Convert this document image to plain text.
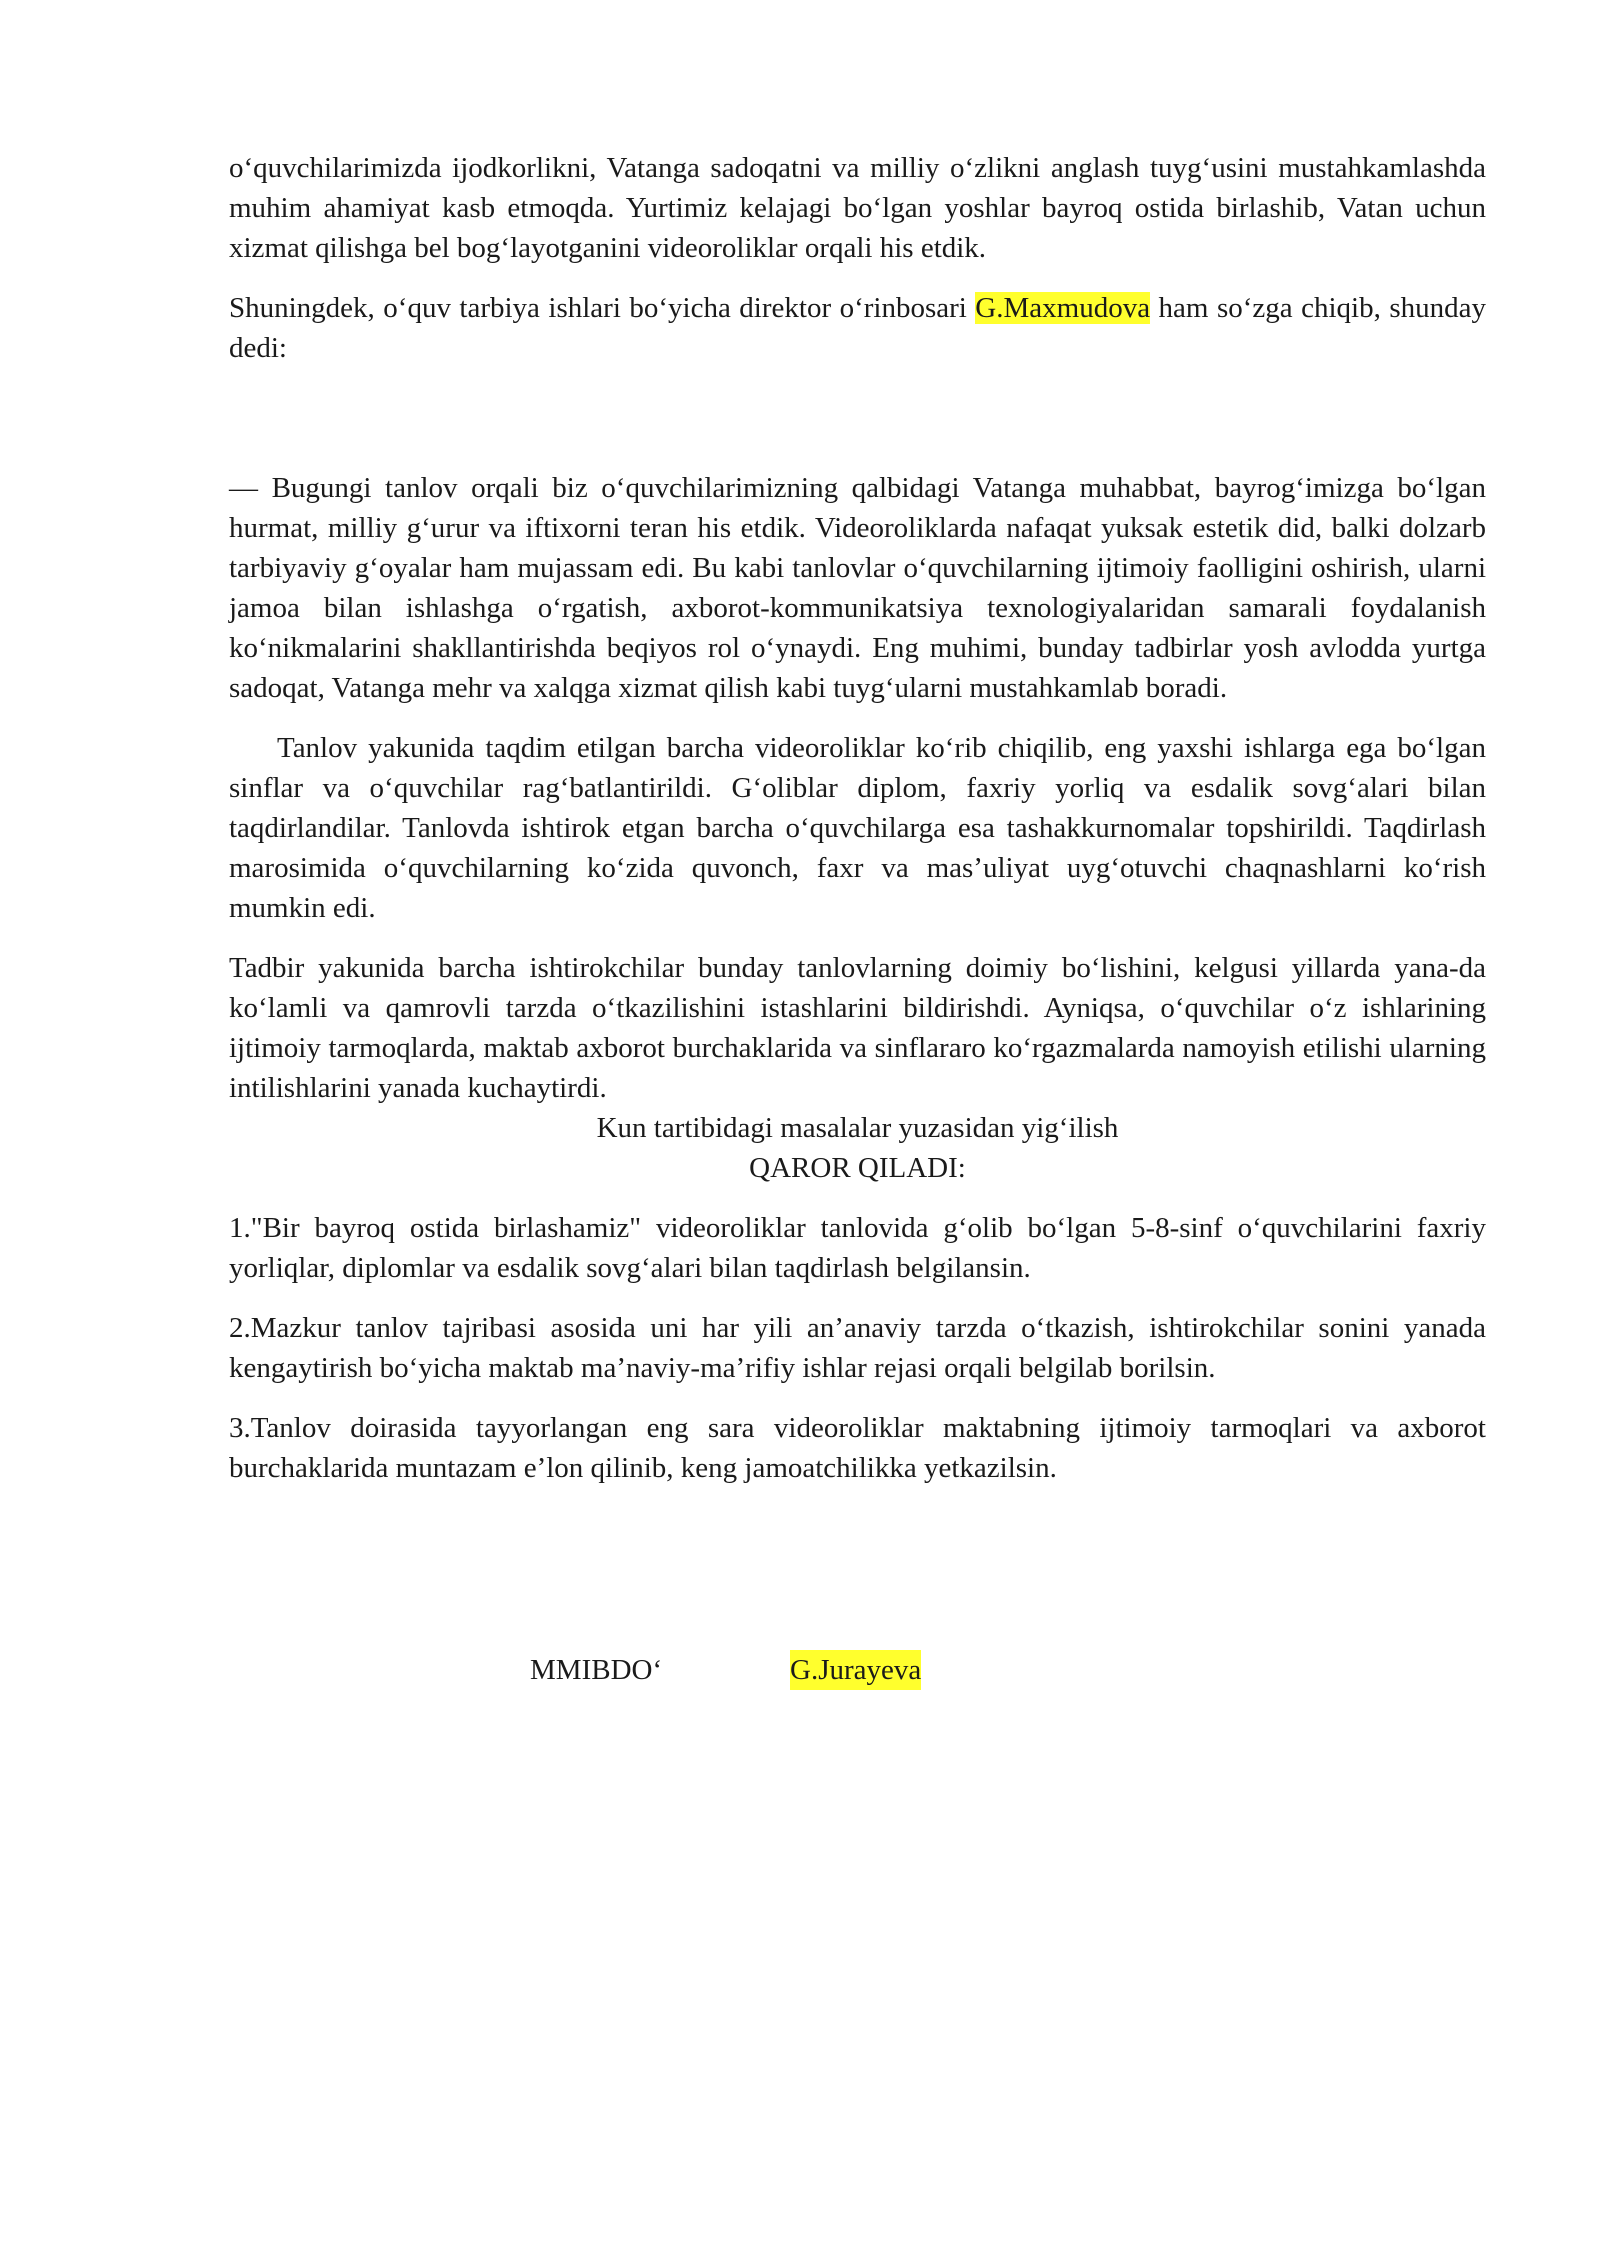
o‘quvchilarimizda ijodkorlikni, Vatanga sadoqatni va milliy o‘zlikni anglash tuyg‘usini mustahkamlashda muhim ahamiyat kasb etmoqda. Yurtimiz kelajagi bo‘lgan yoshlar bayroq ostida birlashib, Vatan uchun xizmat qilishga bel bog‘layotganini videoroliklar orqali his etdik.

Shuningdek, o‘quv tarbiya ishlari bo‘yicha direktor o‘rinbosari G.Maxmudova ham so‘zga chiqib, shunday dedi:

— Bugungi tanlov orqali biz o‘quvchilarimizning qalbidagi Vatanga muhabbat, bayrog‘imizga bo‘lgan hurmat, milliy g‘urur va iftixorni teran his etdik. Videoroliklarda nafaqat yuksak estetik did, balki dolzarb tarbiyaviy g‘oyalar ham mujassam edi. Bu kabi tanlovlar o‘quvchilarning ijtimoiy faolligini oshirish, ularni jamoa bilan ishlashga o‘rgatish, axborot-kommunikatsiya texnologiyalaridan samarali foydalanish ko‘nikmalarini shakllantirishda beqiyos rol o‘ynaydi. Eng muhimi, bunday tadbirlar yosh avlodda yurtga sadoqat, Vatanga mehr va xalqga xizmat qilish kabi tuyg‘ularni mustahkamlab boradi.

Tanlov yakunida taqdim etilgan barcha videoroliklar ko‘rib chiqilib, eng yaxshi ishlarga ega bo‘lgan sinflar va o‘quvchilar rag‘batlantirildi. G‘oliblar diplom, faxriy yorliq va esdalik sovg‘alari bilan taqdirlandilar. Tanlovda ishtirok etgan barcha o‘quvchilarga esa tashakkurnomalar topshirildi. Taqdirlash marosimida o‘quvchilarning ko‘zida quvonch, faxr va mas’uliyat uyg‘otuvchi chaqnashlarni ko‘rish mumkin edi.

Tadbir yakunida barcha ishtirokchilar bunday tanlovlarning doimiy bo‘lishini, kelgusi yillarda yana-da ko‘lamli va qamrovli tarzda o‘tkazilishini istashlarini bildirishdi. Ayniqsa, o‘quvchilar o‘z ishlarining ijtimoiy tarmoqlarda, maktab axborot burchaklarida va sinflararo ko‘rgazmalarda namoyish etilishi ularning intilishlarini yanada kuchaytirdi.

Kun tartibidagi masalalar yuzasidan yig‘ilish

QAROR QILADI:

1."Bir bayroq ostida birlashamiz" videoroliklar tanlovida g‘olib bo‘lgan 5-8-sinf o‘quvchilarini faxriy yorliqlar, diplomlar va esdalik sovg‘alari bilan taqdirlash belgilansin.

2.Mazkur tanlov tajribasi asosida uni har yili an’anaviy tarzda o‘tkazish, ishtirokchilar sonini yanada kengaytirish bo‘yicha maktab ma’naviy-ma’rifiy ishlar rejasi orqali belgilab borilsin.

3.Tanlov doirasida tayyorlangan eng sara videoroliklar maktabning ijtimoiy tarmoqlari va axborot burchaklarida muntazam e’lon qilinib, keng jamoatchilikka yetkazilsin.

MMIBDO‘	G.Jurayeva
